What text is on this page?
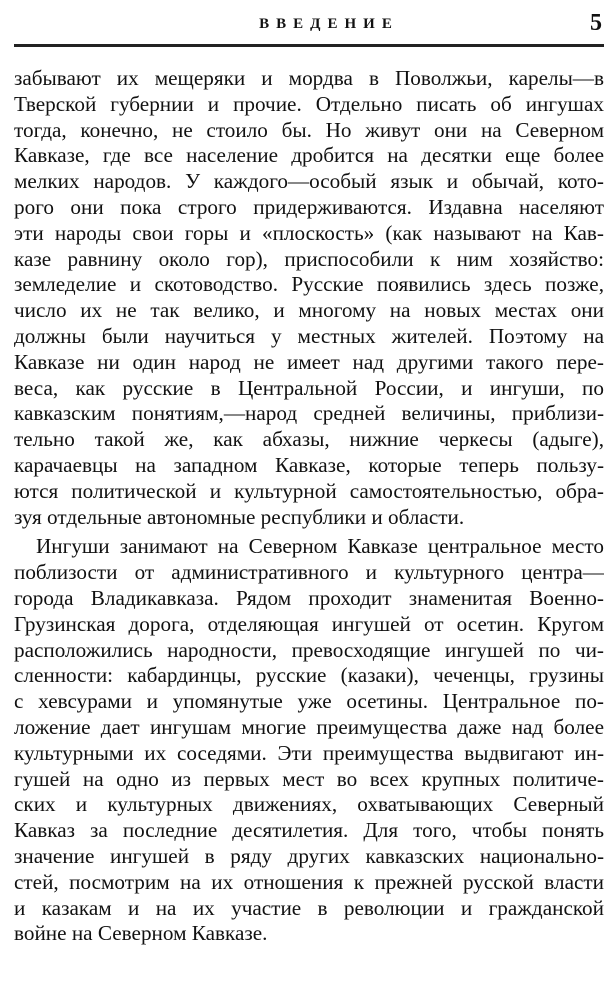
ВВЕДЕНИЕ	5
забывают их мещеряки и мордва в Поволжьи, карелы—в
Тверской губернии и прочие. Отдельно писать об ингушах
тогда, конечно, не стоило бы. Но живут они на Северном
Кавказе, где все население дробится на десятки еще более
мелких народов. У каждого—особый язык и обычай, кото-
рого они пока строго придерживаются. Издавна населяют
эти народы свои горы и «плоскость» (как называют на Кав-
казе равнину около гор), приспособили к ним хозяйство:
земледелие и скотоводство. Русские появились здесь позже,
число их не так велико, и многому на новых местах они
должны были научиться у местных жителей. Поэтому на
Кавказе ни один народ не имеет над другими такого пере-
веса, как русские в Центральной России, и ингуши, по
кавказским понятиям,—народ средней величины, приблизи-
тельно такой же, как абхазы, нижние черкесы (адыге),
карачаевцы на западном Кавказе, которые теперь пользу-
ются политической и культурной самостоятельностью, обра-
зуя отдельные автономные республики и области.
Ингуши занимают на Северном Кавказе центральное место
поблизости от административного и культурного центра—
города Владикавказа. Рядом проходит знаменитая Военно-
Грузинская дорога, отделяющая ингушей от осетин. Кругом
расположились народности, превосходящие ингушей по чи-
сленности: кабардинцы, русские (казаки), чеченцы, грузины
с хевсурами и упомянутые уже осетины. Центральное по-
ложение дает ингушам многие преимущества даже над более
культурными их соседями. Эти преимущества выдвигают ин-
гушей на одно из первых мест во всех крупных политиче-
ских и культурных движениях, охватывающих Северный
Кавказ за последние десятилетия. Для того, чтобы понять
значение ингушей в ряду других кавказских национально-
стей, посмотрим на их отношения к прежней русской власти
и казакам и на их участие в революции и гражданской
войне на Северном Кавказе.
